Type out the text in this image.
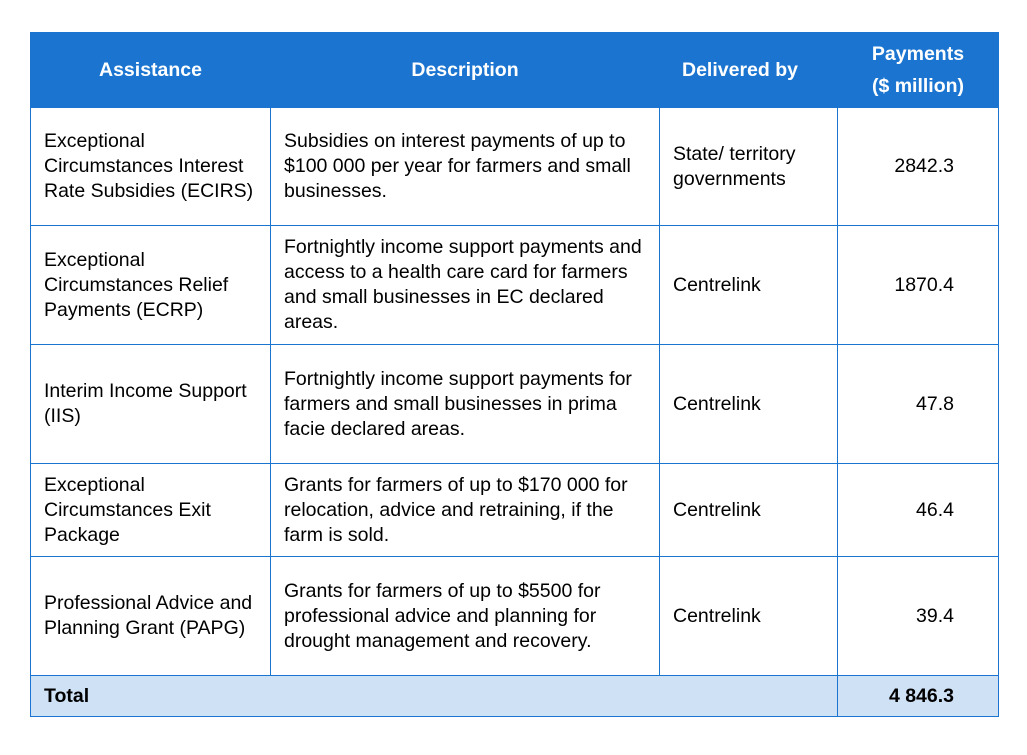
Assistance	Description	Delivered by	Payments
($ million)
Exceptional Circumstances Interest Rate Subsidies (ECIRS)	Subsidies on interest payments of up to $100 000 per year for farmers and small businesses.	State/ territory governments	2842.3
Exceptional Circumstances Relief Payments (ECRP)	Fortnightly income support payments and access to a health care card for farmers and small businesses in EC declared areas.	Centrelink	1870.4
Interim Income Support (IIS)	Fortnightly income support payments for farmers and small businesses in prima facie declared areas.	Centrelink	47.8
Exceptional Circumstances Exit Package	Grants for farmers of up to $170 000 for relocation, advice and retraining, if the farm is sold.	Centrelink	46.4
Professional Advice and Planning Grant (PAPG)	Grants for farmers of up to $5500 for professional advice and planning for drought management and recovery.	Centrelink	39.4
Total			4 846.3
